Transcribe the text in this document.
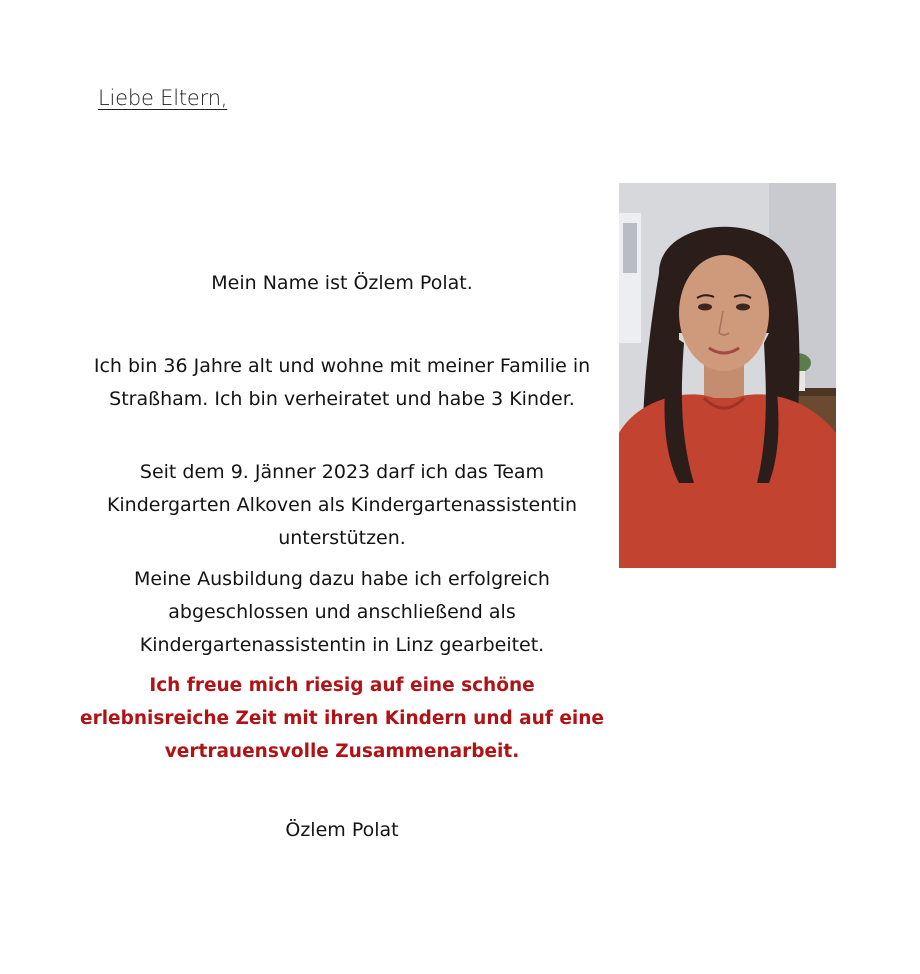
Liebe Eltern,
Mein Name ist Özlem Polat.
Ich bin 36 Jahre alt und wohne mit meiner Familie in Straßham. Ich bin verheiratet und habe 3 Kinder.
Seit dem 9. Jänner 2023 darf ich das Team Kindergarten Alkoven als Kindergartenassistentin unterstützen.
Meine Ausbildung dazu habe ich erfolgreich abgeschlossen und anschließend als Kindergartenassistentin in Linz gearbeitet.
Ich freue mich riesig auf eine schöne erlebnisreiche Zeit mit ihren Kindern und auf eine vertrauensvolle Zusammenarbeit.
Özlem Polat
